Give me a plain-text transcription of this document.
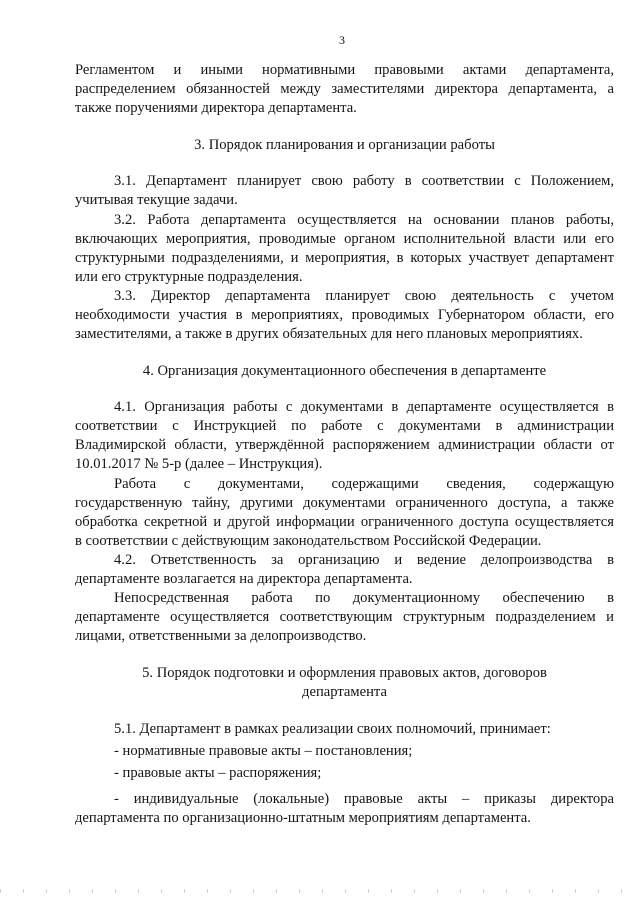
3
Регламентом и иными нормативными правовыми актами департамента,
распределением обязанностей между заместителями директора департамента, а
также поручениями директора департамента.
3. Порядок планирования и организации работы
3.1. Департамент планирует свою работу в соответствии с Положением,
учитывая текущие задачи.
3.2. Работа департамента осуществляется на основании планов работы,
включающих мероприятия, проводимые органом исполнительной власти или его
структурными подразделениями, и мероприятия, в которых участвует департамент
или его структурные подразделения.
3.3. Директор департамента планирует свою деятельность с учетом
необходимости участия в мероприятиях, проводимых Губернатором области, его
заместителями, а также в других обязательных для него плановых мероприятиях.
4. Организация документационного обеспечения в департаменте
4.1. Организация работы с документами в департаменте осуществляется в
соответствии с Инструкцией по работе с документами в администрации
Владимирской области, утверждённой распоряжением администрации области от
10.01.2017 № 5-р (далее – Инструкция).
Работа с документами, содержащими сведения, содержащую
государственную тайну, другими документами ограниченного доступа, а также
обработка секретной и другой информации ограниченного доступа осуществляется
в соответствии с действующим законодательством Российской Федерации.
4.2. Ответственность за организацию и ведение делопроизводства в
департаменте возлагается на директора департамента.
Непосредственная работа по документационному обеспечению в
департаменте осуществляется соответствующим структурным подразделением и
лицами, ответственными за делопроизводство.
5. Порядок подготовки и оформления правовых актов, договоров
департамента
5.1. Департамент в рамках реализации своих полномочий, принимает:
- нормативные правовые акты – постановления;
- правовые акты – распоряжения;
- индивидуальные (локальные) правовые акты – приказы директора
департамента по организационно-штатным мероприятиям департамента.
